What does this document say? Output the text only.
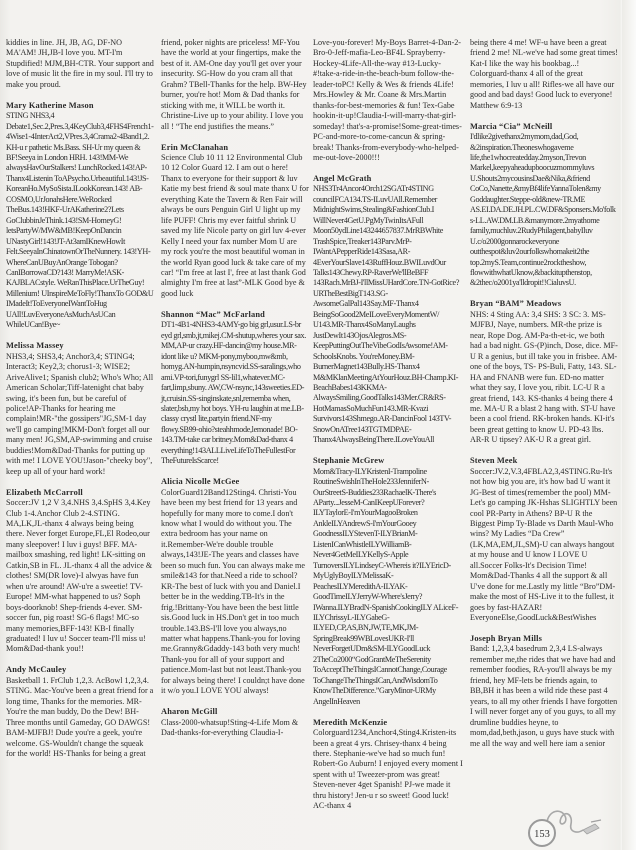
kiddies in line. JH, JB, AG, DF-NO MA'AM! JH,JB-I love you. MT-I'm Stupdified! MJM,BH-CTR. Your support and love of music lit the fire in my soul. I'll try to make you proud.
Mary Katherine Mason
STING NHS3,4 Debate1,Sec.2,Pres.3,4KeyClub3,4FHS4French1-4Wise1-4InterAct2,VPres.3,4Crama2-4Band1,2. KH-u r pathetic Ms.Bass. SH-Ur my queen & BF!Seeya in London HRH. 143!MM-We alwaysHavOurStalkers! LunchRocked.143!AP-Thanx4Listenin ToAPsycho.Urbeautiful.143!JS-KoreanHo.MySoSista.ILookKorean.143! AB-COSMO,UrJonahsHere.WeRocked TheBus.143!HKF-UrAKatherine2?Lets GoClubbinJeThink.143!SM-HomeyG! letsPartyW/MW&MB!KeepOnDancin UNastyGirl!143!JT-At3amIKnewHowIt Felt.SeeyaInChinatownOrTheNunnery. 143!YH-WhereCanUBuyAnOrange Tobogan? CanIBorrowaCD?143! MarryMe!ASK-KAJBLACstyle. WeRanThisPlace.UrTheGuy! Millenium! UInspireMeToFly!ThanxTo GOD&U IMadeIt!ToEveryoneIWantToHug UAll!LuvEveryoneAsMuchAsUCan WhileUCan!Bye~
Melissa Massey
NHS3,4; SHS3,4; Anchor3,4; STING4; Interact3; Key2,3; chorus1-3; WISE2; AriveAlive1; Spanish club2; Who's Who; All American Scholar;Tiff-latenight chat baby swing, it's been fun, but be careful of police!AP-Thanks for hearing me complain!MR-"the gossipers"JG,SM-1 day we'll go camping!MKM-Don't forget all our many men! JG,SM,AP-swimming and cruise buddies!Mom&Dad-Thanks for putting up with me! I LOVE YOU!Jason-"cheeky boy", keep up all of your hard work!
Elizabeth McCarroll
Soccer:JV 1,2 V 3,4.NHS 3,4.SpHS 3,4.Key Club 1-4.Anchor Club 2-4.STING. MA,LK,JL-thanx 4 always being being there. Never forget Europe,FL,El Rodeo,our many sleepover! I luv i guys! BFF. MA-mailbox smashing, red light! LK-sitting on Catkin,SB in FL. JL-thanx 4 all the advice & clothes! SM(DR love)-I alwyas have fun when u're around! AW-u're a sweetie! TV-Europe! MM-what happened to us? Soph boys-doorknob! Shep-friends 4-ever. SM-soccer fun, pig roast! SG-6 flags! MC-so many memories,BFF-143! KB-I finally graduated! I luv u! Soccer team-I'll miss u! Mom&Dad-thank you!!
Andy McCauley
Basketball 1. FrClub 1,2,3. AcBowl 1,2,3,4. STING. Mac-You've been a great friend for a long time, Thanks for the memories. MR-You're the man buddy, Do the Dew! BH-Three months until Gameday, GO DAWGS! BAM-MJFBJ! Dude you're a geek, you're welcome. GS-Wouldn't change the squeak for the world! HS-Thanks for being a great
friend, poker nights are priceless! MF-You have the world at your fingertips, make the best of it. AM-One day you'll get over your insecurity. SG-How do you cram all that Grahm? TBell-Thanks for the help. BW-Hey burner, you're hot! Mom & Dad thanks for sticking with me, it WILL be worth it. Christine-Live up to your ability. I love you all ! “The end justifies the means.”
Erin McClanahan
Science Club 10 11 12 Environmental Club 10 12 Color Guard 12. I am out o here! Thanx to everyone for their support & luv Katie my best friend & soul mate thanx U for everything Kate the Tavern & Ren Fair will always be ours Penguin Girl U light up my life PUFF! Chris my ever faitful shrink U saved my life Nicole party on girl luv 4-ever Kelly I need your fax number Mom U are my rock you're the most beautiful woman in the world Ryan good luck & take care of my car! “I'm free at last I', free at last thank God almighty I'm free at last”-MLK Good bye & good luck
Shannon “Mac” McFarland
DT1-4B1-4NHS3-4AMY-go big grl,usur.LS-br eyd grl,smb,jt,mikej.CM-shutup,wheres your sax. MM,AP-ur crazy.HF-dancin@my house.MR-idont like u? MKM-pony,myboo,mw&mb, homyg.AN-humpin,nsyncvid.SS-saralings,who ami.VP-tori,funygrl SS-lil1,whatever.MC-fart,limp,sbuny. AW,CW-nsync,143sweeties.ED-jt,cruisin.SS-singinskate,snl,rememba when, slater,bsb,my hot boys. YH-ru laughin at me.LB-classy crystl lite,partyin friend.NF-my flowy.SB99-ohio?steahhmode,lemonade! BO-143.TM-take car britney.Mom&Dad-thanx 4 everything!143ALLLiveLifeToTheFullestFor TheFutureIsScarce!
Alicia Nicolle McGee
ColorGuard12Band12Sting4. Christi-You have been my best friend for 13 years and hopefully for many more to come.I don't know what I would do without you. The extra bedroom has your name on it.Remember-We're double trouble always,143!JE-The years and classes have been so much fun. You can always make me smile&143 for that.Need a ride to school?KR-The best of luck with you and Daniel.I better be in the wedding.TB-It's in the frig.!Brittany-You have been the best little sis.Good luck in HS.Don't get in too much trouble.143.BS-I'll love you always,no matter what happens.Thank-you for loving me.Granny&Gdaddy-143 both very much! Thank-you for all of your support and patience.Mom-last but not least.Thank-you for always being there! I couldn;t have done it w/o you.I LOVE YOU always!
Aharon McGill
Class-2000-whatsup!Sting-4-Life Mom & Dad-thanks-for-everything Claudia-I-
Love-you-forever! My-Boys Barret-4-Dan-2-Bro-0-Jeff-mafia-Leo-BF4L Sprayberry-Hockey-4Life-All-the-way #13-Lucky-#!take-a-ride-in-the-beach-bum follow-the-leader-toPC! Kelly & Wes & friends 4Life! Mrs.Howley & Mr. Coane & Mrs.Martin thanks-for-best-memories & fun! Tex-Gabe hookin-it-up!Claudia-I-will-marry-that-girl-someday! that's-a-promise!Some-great-times-PC-and-more-to-come-cancun & spring-break! Thanks-from-everybody-who-helped-me-out-love-2000!!!
Angel McGrath
NHS3Tr4Ancor4Orch12SGATr4STING councilFCA134.TS-ILuvUAll.Remember MidnightSwims,Stealing&FashionClub.I WillNever4GetU.PgMyTwinItsAFull Moon50ydLine143244657837.MrRBWhite TrashSpice,Treaker143Parv.MrP-IWantAPepperRide143Sasa,AR-4EverYourSlave143RuffHouz.BWILuvdOur Talks143Chewy.RP-RaverWe'llBeBFF 143Rach.MrBJ-I'llMissUHardCore.TN-GotRice?URTheBestBigT143.SG-AwsomeGalPal143Say.MF-Thanx4 BeingSoGood2MeILoveEveryMomentW/ U143.MR-Thanx4SoManyLaughs JustDewIt143OjosAlegros.MS-KeepPuttingOutTheVibeGodIsAwsome!AM-SchoolsKnobs. You'reMoney.BM-BurnerMagnet143Bully.HS-Thanx4 M&MKlanMeetingAtYourHouz.BH-Champ.KI-BeachBabes143KKMA-AlwaysSmiling,GoodTalks143Mer.CR&RS-HotMamasSoMuchFun143.MR-Kvazi Survivors143Shmego.AR-DancinFool 143TV-SnowOnATree143TGTMDPAE-Thanx4AlwaysBeingThere.ILoveYouAll
Stephanie McGrew
Mom&Tracy-ILYKristenI-Trampoline RoutineSwishInTheHole233JenniferN-OurStreetS-Buddies233RachaelK-There's AParty...JesseM-CanIKeepUForever? ILYTaylorE-I'mYourMagooBroken AnkleILYAndrewS-I'mYourGooey GoodnessILYStevenT-ILYBrianM-ListenICanWhistleILYWilliamB-Never4GetMeILYKellyS-Apple TurnoversILYLindseyC-Whereis it?ILYEricD-MyUglyBoyILYMelissaK-PeachesILYMeredithA-ILYAK-GoodTimeILYJerryW-Where'sJerry? IWanna.ILYBradN-SpanishCookingILY ALiceF-ILYChrissyL-ILYGabeG-ILYED,CP,AS,BN,JW,TE,MK,JM-SpringBreak99WBLovesUKR-I'll NeverForgetUDm&SM-ILYGoodLuck 2TheCo2000“GodGrantMeTheSerenity ToAcceptTheThingsICannotChange,Courage ToChangeTheThingsICan,AndWisdomTo KnowTheDifference.”GaryMinor-URMy AngelInHeaven
Meredith McKenzie
Colorguard1234,Anchor4,Sting4.Kristen-its been a great 4 yrs. Chrisey-thanx 4 being there. Stephanie-we've had so much fun! Robert-Go Auburn! I enjoyed every moment I spent with u! Tweezer-prom was great! Steven-never 4get Spanish! PJ-we made it thru history! Jen-u r so sweet! Good luck! AC-thanx 4
being there 4 me! WF-u have been a great friend 2 me! NL-we've had some great times! Kat-I like the way his bookbag...! Colorguard-thanx 4 all of the great memories, I luv u all! Rifles-we all have our good and bad days! Good luck to everyone! Matthew 6:9-13
Marcia “Cia” McNeill
I'dlike2givethanx2mymom,dad,God, &2inspiration.Theoneswhogaveme life,the1whocreatedday.2myson,Trevon Markel,keepyaheadupboocuzmommyluvs U.Shouts2mycousinsDae&Nika,&friend CoCo,Nanette,&myBf4lifeYannaTolen&my Goddaughter.Steppe-old&new-TR.ME AS.EI.DA.DE.JH.PL.CW.DF&Sponsers.Mo'folks-LL.AW.DM.LB.&manymore.2myathome family,muchluv.2RudyPhilagent,babyIluv U.c/o2000gonnarockeveryone outthespot&luv2ourfolkswhomakeit2the top.2myS.Team,continue2rocktheshow, flowwithwhatUknow,&backitupthenstop, &2thec/o2001ya'lldropit!!CialuvsU.
Bryan “BAM” Meadows
NHS: 4 Sting AA: 3,4 SHS: 3 SC: 3. MS-MJFBJ, Naye, numbers. MR-the prize is near, Rope Dog. AM-Pa-th-et-ic, we both had a bad night. GS-(P)inch, Dose, dice. MF-U R a genius, but ill take you in frisbee. AM-one of the boys, TS- PS-Buli, Fatty, 143. SL-HA and FNANB were fun. ED-no matter what they say, I love you, ribit. LC-U R a great friend, 143. KS-thanks 4 being there 4 me. MA-U R a blast 2 hang with. ST-U have been a cool friend. RK-broken hands. KI-it's been great getting to know U. PD-43 lbs. AR-R U tipsey? AK-U R a great girl.
Steven Meek
Soccer:JV.2,V.3,4FBLA2,3,4STING.Ru-It's not how big you are, it's how bad U want it JG-Best of times(remember the pool) MM-Let's go camping JK-Hshas SLIGHTLY been cool PR-Party in Athens? BP-U R the Biggest Pimp Ty-Blade vs Darth Maul-Who wins? My Ladies “Da Crew” (LK,MA,EM,JL,SM)-U can always hangout at my house and U know I LOVE U all.Soccer Folks-It's Decision Time! Mom&Dad-Thanks 4 all the support & all U've done for me.Lastly my little “Bro”DM-make the most of HS-Live it to the fullest, it goes by fast-HAZAR! EveryoneElse,GoodLuck&BestWishes
Joseph Bryan Mills
Band: 1,2,3,4 basedrum 2,3,4 LS-always remember me,the rides that we have had and remember foodies, RA-you'll always be my friend, hey MF-lets be friends again, to BB,BH it has been a wild ride these past 4 years, to all my other friends I have forgotten I will never forget any of you guys, to all my drumline buddies heyne, to mom,dad,beth,jason, u guys have stuck with me all the way and well here iam a senior
153
